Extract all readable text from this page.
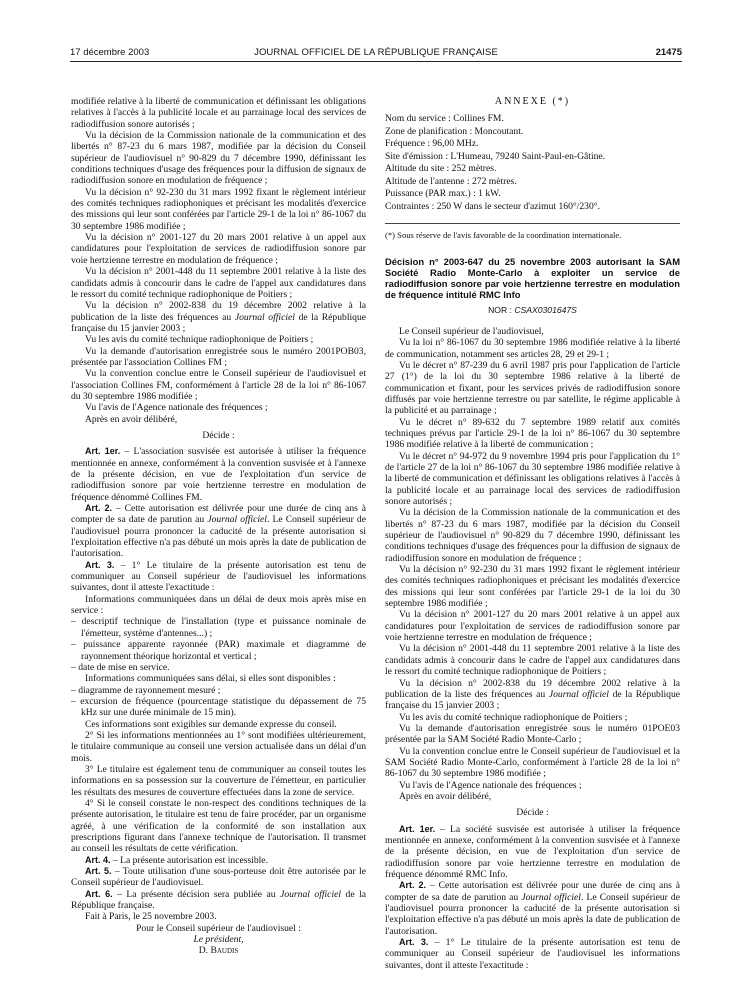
17 décembre 2003	JOURNAL OFFICIEL DE LA RÉPUBLIQUE FRANÇAISE	21475

modifiée relative à la liberté de communication et définissant les obligations relatives à l'accès à la publicité locale et au parrainage local des services de radiodiffusion sonore autorisés ;

Vu la décision de la Commission nationale de la communication et des libertés n° 87-23 du 6 mars 1987, modifiée par la décision du Conseil supérieur de l'audiovisuel n° 90-829 du 7 décembre 1990, définissant les conditions techniques d'usage des fréquences pour la diffusion de signaux de radiodiffusion sonore en modulation de fréquence ;

Vu la décision n° 92-230 du 31 mars 1992 fixant le règlement intérieur des comités techniques radiophoniques et précisant les modalités d'exercice des missions qui leur sont conférées par l'article 29-1 de la loi n° 86-1067 du 30 septembre 1986 modifiée ;

Vu la décision n° 2001-127 du 20 mars 2001 relative à un appel aux candidatures pour l'exploitation de services de radiodiffusion sonore par voie hertzienne terrestre en modulation de fréquence ;

Vu la décision n° 2001-448 du 11 septembre 2001 relative à la liste des candidats admis à concourir dans le cadre de l'appel aux candidatures dans le ressort du comité technique radiophonique de Poitiers ;

Vu la décision n° 2002-838 du 19 décembre 2002 relative à la publication de la liste des fréquences au Journal officiel de la République française du 15 janvier 2003 ;

Vu les avis du comité technique radiophonique de Poitiers ;

Vu la demande d'autorisation enregistrée sous le numéro 2001POB03, présentée par l'association Collines FM ;

Vu la convention conclue entre le Conseil supérieur de l'audiovisuel et l'association Collines FM, conformément à l'article 28 de la loi n° 86-1067 du 30 septembre 1986 modifiée ;

Vu l'avis de l'Agence nationale des fréquences ;

Après en avoir délibéré,

Décide :

Art. 1er. – L'association susvisée est autorisée à utiliser la fréquence mentionnée en annexe, conformément à la convention susvisée et à l'annexe de la présente décision, en vue de l'exploitation d'un service de radiodiffusion sonore par voie hertzienne terrestre en modulation de fréquence dénommé Collines FM.

Art. 2. – Cette autorisation est délivrée pour une durée de cinq ans à compter de sa date de parution au Journal officiel. Le Conseil supérieur de l'audiovisuel pourra prononcer la caducité de la présente autorisation si l'exploitation effective n'a pas débuté un mois après la date de publication de l'autorisation.

Art. 3. – 1° Le titulaire de la présente autorisation est tenu de communiquer au Conseil supérieur de l'audiovisuel les informations suivantes, dont il atteste l'exactitude :

Informations communiquées dans un délai de deux mois après mise en service :

– descriptif technique de l'installation (type et puissance nominale de l'émetteur, système d'antennes...) ;

– puissance apparente rayonnée (PAR) maximale et diagramme de rayonnement théorique horizontal et vertical ;

– date de mise en service.

Informations communiquées sans délai, si elles sont disponibles :

– diagramme de rayonnement mesuré ;

– excursion de fréquence (pourcentage statistique du dépassement de 75 kHz sur une durée minimale de 15 min).

Ces informations sont exigibles sur demande expresse du conseil.

2° Si les informations mentionnées au 1° sont modifiées ultérieurement, le titulaire communique au conseil une version actualisée dans un délai d'un mois.

3° Le titulaire est également tenu de communiquer au conseil toutes les informations en sa possession sur la couverture de l'émetteur, en particulier les résultats des mesures de couverture effectuées dans la zone de service.

4° Si le conseil constate le non-respect des conditions techniques de la présente autorisation, le titulaire est tenu de faire procéder, par un organisme agréé, à une vérification de la conformité de son installation aux prescriptions figurant dans l'annexe technique de l'autorisation. Il transmet au conseil les résultats de cette vérification.

Art. 4. – La présente autorisation est incessible.

Art. 5. – Toute utilisation d'une sous-porteuse doit être autorisée par le Conseil supérieur de l'audiovisuel.

Art. 6. – La présente décision sera publiée au Journal officiel de la République française.

Fait à Paris, le 25 novembre 2003.

Pour le Conseil supérieur de l'audiovisuel :

Le président,

D. Baudis

ANNEXE (*)

Nom du service : Collines FM.

Zone de planification : Moncoutant.

Fréquence : 96,00 MHz.

Site d'émission : L'Humeau, 79240 Saint-Paul-en-Gâtine.

Altitude du site : 252 mètres.

Altitude de l'antenne : 272 mètres.

Puissance (PAR max.) : 1 kW.

Contraintes : 250 W dans le secteur d'azimut 160°/230°.

(*) Sous réserve de l'avis favorable de la coordination internationale.

Décision n° 2003-647 du 25 novembre 2003 autorisant la SAM Société Radio Monte-Carlo à exploiter un service de radiodiffusion sonore par voie hertzienne terrestre en modulation de fréquence intitulé RMC Info

NOR : CSAX0301647S

Le Conseil supérieur de l'audiovisuel,

Vu la loi n° 86-1067 du 30 septembre 1986 modifiée relative à la liberté de communication, notamment ses articles 28, 29 et 29-1 ;

Vu le décret n° 87-239 du 6 avril 1987 pris pour l'application de l'article 27 (1°) de la loi du 30 septembre 1986 relative à la liberté de communication et fixant, pour les services privés de radiodiffusion sonore diffusés par voie hertzienne terrestre ou par satellite, le régime applicable à la publicité et au parrainage ;

Vu le décret n° 89-632 du 7 septembre 1989 relatif aux comités techniques prévus par l'article 29-1 de la loi n° 86-1067 du 30 septembre 1986 modifiée relative à la liberté de communication ;

Vu le décret n° 94-972 du 9 novembre 1994 pris pour l'application du 1° de l'article 27 de la loi n° 86-1067 du 30 septembre 1986 modifiée relative à la liberté de communication et définissant les obligations relatives à l'accès à la publicité locale et au parrainage local des services de radiodiffusion sonore autorisés ;

Vu la décision de la Commission nationale de la communication et des libertés n° 87-23 du 6 mars 1987, modifiée par la décision du Conseil supérieur de l'audiovisuel n° 90-829 du 7 décembre 1990, définissant les conditions techniques d'usage des fréquences pour la diffusion de signaux de radiodiffusion sonore en modulation de fréquence ;

Vu la décision n° 92-230 du 31 mars 1992 fixant le règlement intérieur des comités techniques radiophoniques et précisant les modalités d'exercice des missions qui leur sont conférées par l'article 29-1 de la loi du 30 septembre 1986 modifiée ;

Vu la décision n° 2001-127 du 20 mars 2001 relative à un appel aux candidatures pour l'exploitation de services de radiodiffusion sonore par voie hertzienne terrestre en modulation de fréquence ;

Vu la décision n° 2001-448 du 11 septembre 2001 relative à la liste des candidats admis à concourir dans le cadre de l'appel aux candidatures dans le ressort du comité technique radiophonique de Poitiers ;

Vu la décision n° 2002-838 du 19 décembre 2002 relative à la publication de la liste des fréquences au Journal officiel de la République française du 15 janvier 2003 ;

Vu les avis du comité technique radiophonique de Poitiers ;

Vu la demande d'autorisation enregistrée sous le numéro 01POE03 présentée par la SAM Société Radio Monte-Carlo ;

Vu la convention conclue entre le Conseil supérieur de l'audiovisuel et la SAM Société Radio Monte-Carlo, conformément à l'article 28 de la loi n° 86-1067 du 30 septembre 1986 modifiée ;

Vu l'avis de l'Agence nationale des fréquences ;

Après en avoir délibéré,

Décide :

Art. 1er. – La société susvisée est autorisée à utiliser la fréquence mentionnée en annexe, conformément à la convention susvisée et à l'annexe de la présente décision, en vue de l'exploitation d'un service de radiodiffusion sonore par voie hertzienne terrestre en modulation de fréquence dénommé RMC Info.

Art. 2. – Cette autorisation est délivrée pour une durée de cinq ans à compter de sa date de parution au Journal officiel. Le Conseil supérieur de l'audiovisuel pourra prononcer la caducité de la présente autorisation si l'exploitation effective n'a pas débuté un mois après la date de publication de l'autorisation.

Art. 3. – 1° Le titulaire de la présente autorisation est tenu de communiquer au Conseil supérieur de l'audiovisuel les informations suivantes, dont il atteste l'exactitude :
